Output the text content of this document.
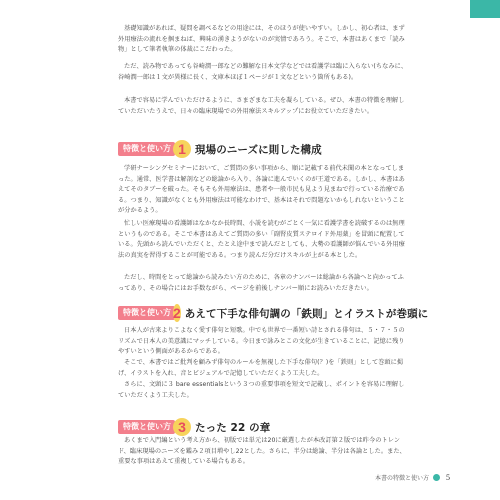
基礎知識があれば、疑問を調べるなどの用途には、そのほうが使いやすい。しかし、初心者は、まず外用療法の流れを掴まねば、興味の湧きようがないのが実情であろう。そこで、本書はあくまで「読み物」として筆者執筆の体裁にこだわった。

ただ、読み物であっても谷崎潤一郎などの難解な日本文学などでは看護学は臨に入らない(ちなみに、谷崎潤一郎は１文が異様に長く、文庫本ほぼ１ページが１文などという箇所もある)。

本書で容易に学んでいただけるように、さまざまな工夫を凝らしている。ぜひ、本書の特徴を理解していただいたうえで、日々の臨床現場での外用療法スキルアップにお役立ていただきたい。

特徴と使い方 1 現場のニーズに則した構成

学研ナーシングセミナーにおいて、ご質問の多い事項から、順に記載する前代未聞の本となってしまった。通常、医学書は解剖などの総論から入り、各論に進んでいくのが王道である。しかし、本書はあえてそのタブーを破った。そもそも外用療法は、患者や一般市民も見よう見まねで行っている治療である。つまり、知識がなくとも外用療法は可能なわけで、基本はそれで問題ないかもしれないということが分かるよう。

忙しい医療現場の看護師はなかなか長時間、小説を読むがごとく一気に看護学書を読破するのは無理というものである。そこで本書はあえてご質問の多い「副腎皮質ステロイド外用薬」を冒頭に配置している。先頭から読んでいただくと、たとえ途中まで読んだとしても、大勢の看護師が悩んでいる外用療法の真実を習得することが可能である。つまり読んだ分だけスキルが上がる本とした。

ただし、時間をとって総論から読みたい方のために、各章のナンバーは総論から各論へと向かってふってあり、その場合にはお手数ながら、ページを前後しナンバー順にお読みいただきたい。

特徴と使い方 2 あえて下手な俳句調の「鉄則」とイラストが巻頭に

日本人が古来よりこよなく愛す俳句と短歌。中でも世界で一番短い詩とされる俳句は、５・７・５のリズムで日本人の美意識にマッチしている。今日まで詠みとこの文化が生きていることに、記憶に残りやすいという側面があるからである。

そこで、本書ではご批判を顧みず俳句のルールを無視した下手な俳句(？)を「鉄則」として巻頭に掲げ、イラストを入れ、音とビジュアルで記憶していただくよう工夫した。

さらに、文頭に３ bare essentialsという３つの重要事項を短文で記載し、ポイントを容易に理解していただくよう工夫した。

特徴と使い方 3 たった 22 の章

あくまで入門編という考え方から、初版では単元は20に厳選したが本改訂第２版では昨今のトレンド、臨床現場のニーズを鑑み２項目増やし22とした。さらに、半分は総論、半分は各論とした。また、重要な事項はあえて重複している場合もある。

本書の特徴と使い方 5
